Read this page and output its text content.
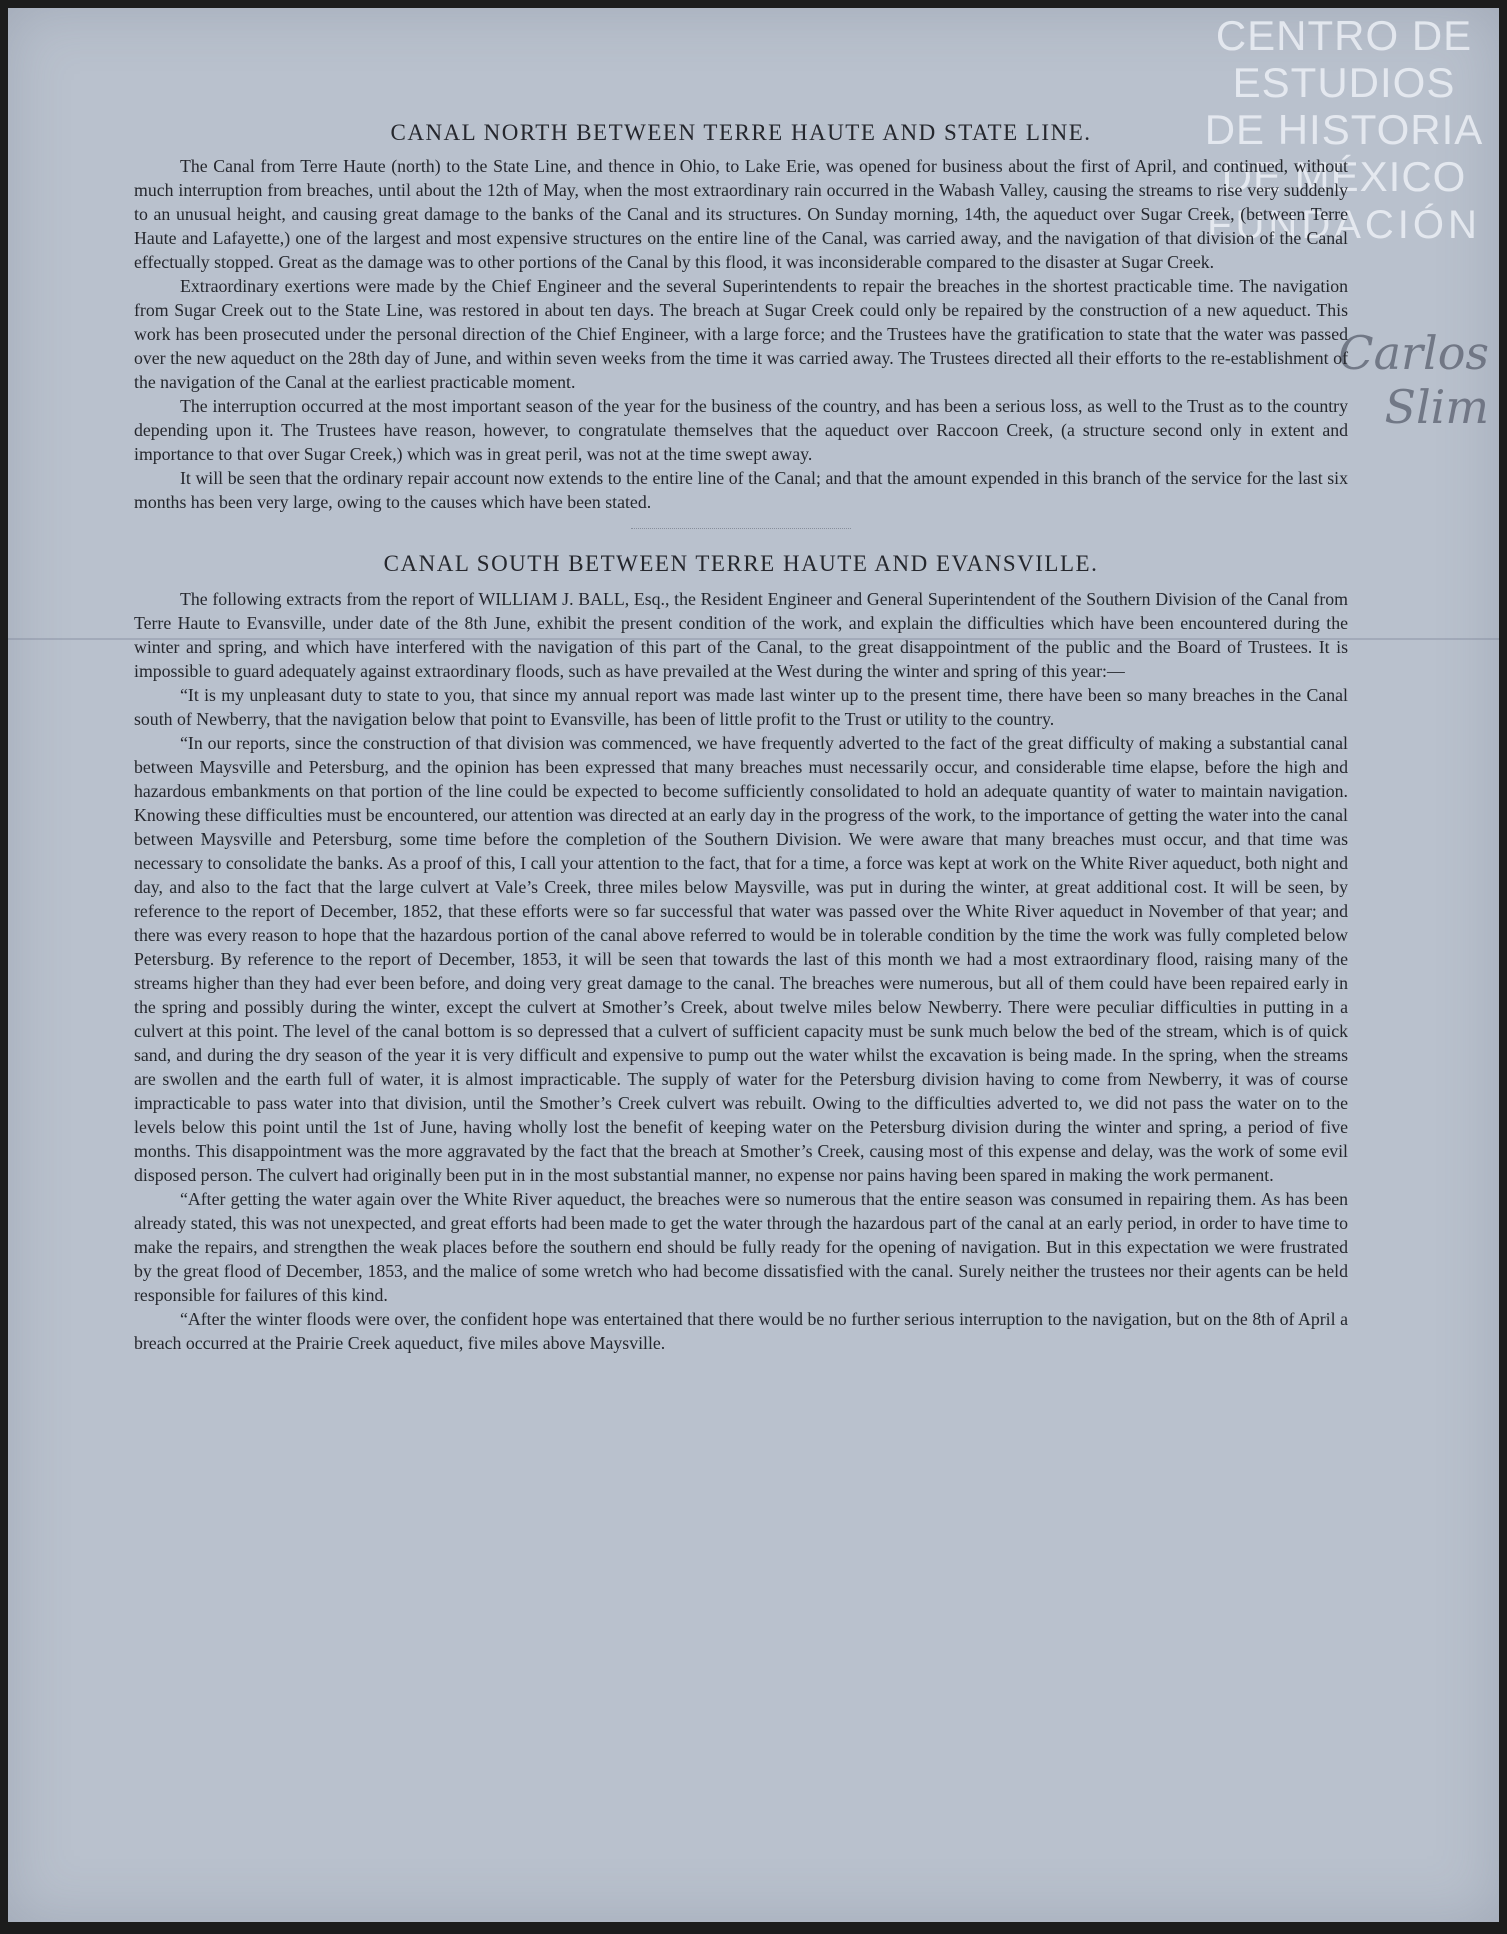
CENTRO DE
ESTUDIOS
DE HISTORIA
DE MÉXICO
FUNDACIÓN
Carlos Slim
CANAL NORTH BETWEEN TERRE HAUTE AND STATE LINE.

The Canal from Terre Haute (north) to the State Line, and thence in Ohio, to Lake Erie, was opened for business about the first of April, and continued, without much interruption from breaches, until about the 12th of May, when the most extraordinary rain occurred in the Wabash Valley, causing the streams to rise very suddenly to an unusual height, and causing great damage to the banks of the Canal and its structures. On Sunday morning, 14th, the aqueduct over Sugar Creek, (between Terre Haute and Lafayette,) one of the largest and most expensive structures on the entire line of the Canal, was carried away, and the navigation of that division of the Canal effectually stopped. Great as the damage was to other portions of the Canal by this flood, it was inconsiderable compared to the disaster at Sugar Creek.

Extraordinary exertions were made by the Chief Engineer and the several Superintendents to repair the breaches in the shortest practicable time. The navigation from Sugar Creek out to the State Line, was restored in about ten days. The breach at Sugar Creek could only be repaired by the construction of a new aqueduct. This work has been prosecuted under the personal direction of the Chief Engineer, with a large force; and the Trustees have the gratification to state that the water was passed over the new aqueduct on the 28th day of June, and within seven weeks from the time it was carried away. The Trustees directed all their efforts to the re-establishment of the navigation of the Canal at the earliest practicable moment.

The interruption occurred at the most important season of the year for the business of the country, and has been a serious loss, as well to the Trust as to the country depending upon it. The Trustees have reason, however, to congratulate themselves that the aqueduct over Raccoon Creek, (a structure second only in extent and importance to that over Sugar Creek,) which was in great peril, was not at the time swept away.

It will be seen that the ordinary repair account now extends to the entire line of the Canal; and that the amount expended in this branch of the service for the last six months has been very large, owing to the causes which have been stated.

CANAL SOUTH BETWEEN TERRE HAUTE AND EVANSVILLE.

The following extracts from the report of WILLIAM J. BALL, Esq., the Resident Engineer and General Superintendent of the Southern Division of the Canal from Terre Haute to Evansville, under date of the 8th June, exhibit the present condition of the work, and explain the difficulties which have been encountered during the winter and spring, and which have interfered with the navigation of this part of the Canal, to the great disappointment of the public and the Board of Trustees. It is impossible to guard adequately against extraordinary floods, such as have prevailed at the West during the winter and spring of this year:—

“It is my unpleasant duty to state to you, that since my annual report was made last winter up to the present time, there have been so many breaches in the Canal south of Newberry, that the navigation below that point to Evansville, has been of little profit to the Trust or utility to the country.

“In our reports, since the construction of that division was commenced, we have frequently adverted to the fact of the great difficulty of making a substantial canal between Maysville and Petersburg, and the opinion has been expressed that many breaches must necessarily occur, and considerable time elapse, before the high and hazardous embankments on that portion of the line could be expected to become sufficiently consolidated to hold an adequate quantity of water to maintain navigation. Knowing these difficulties must be encountered, our attention was directed at an early day in the progress of the work, to the importance of getting the water into the canal between Maysville and Petersburg, some time before the completion of the Southern Division. We were aware that many breaches must occur, and that time was necessary to consolidate the banks. As a proof of this, I call your attention to the fact, that for a time, a force was kept at work on the White River aqueduct, both night and day, and also to the fact that the large culvert at Vale’s Creek, three miles below Maysville, was put in during the winter, at great additional cost. It will be seen, by reference to the report of December, 1852, that these efforts were so far successful that water was passed over the White River aqueduct in November of that year; and there was every reason to hope that the hazardous portion of the canal above referred to would be in tolerable condition by the time the work was fully completed below Petersburg. By reference to the report of December, 1853, it will be seen that towards the last of this month we had a most extraordinary flood, raising many of the streams higher than they had ever been before, and doing very great damage to the canal. The breaches were numerous, but all of them could have been repaired early in the spring and possibly during the winter, except the culvert at Smother’s Creek, about twelve miles below Newberry. There were peculiar difficulties in putting in a culvert at this point. The level of the canal bottom is so depressed that a culvert of sufficient capacity must be sunk much below the bed of the stream, which is of quick sand, and during the dry season of the year it is very difficult and expensive to pump out the water whilst the excavation is being made. In the spring, when the streams are swollen and the earth full of water, it is almost impracticable. The supply of water for the Petersburg division having to come from Newberry, it was of course impracticable to pass water into that division, until the Smother’s Creek culvert was rebuilt. Owing to the difficulties adverted to, we did not pass the water on to the levels below this point until the 1st of June, having wholly lost the benefit of keeping water on the Petersburg division during the winter and spring, a period of five months. This disappointment was the more aggravated by the fact that the breach at Smother’s Creek, causing most of this expense and delay, was the work of some evil disposed person. The culvert had originally been put in in the most substantial manner, no expense nor pains having been spared in making the work permanent.

“After getting the water again over the White River aqueduct, the breaches were so numerous that the entire season was consumed in repairing them. As has been already stated, this was not unexpected, and great efforts had been made to get the water through the hazardous part of the canal at an early period, in order to have time to make the repairs, and strengthen the weak places before the southern end should be fully ready for the opening of navigation. But in this expectation we were frustrated by the great flood of December, 1853, and the malice of some wretch who had become dissatisfied with the canal. Surely neither the trustees nor their agents can be held responsible for failures of this kind.

“After the winter floods were over, the confident hope was entertained that there would be no further serious interruption to the navigation, but on the 8th of April a breach occurred at the Prairie Creek aqueduct, five miles above Maysville.
